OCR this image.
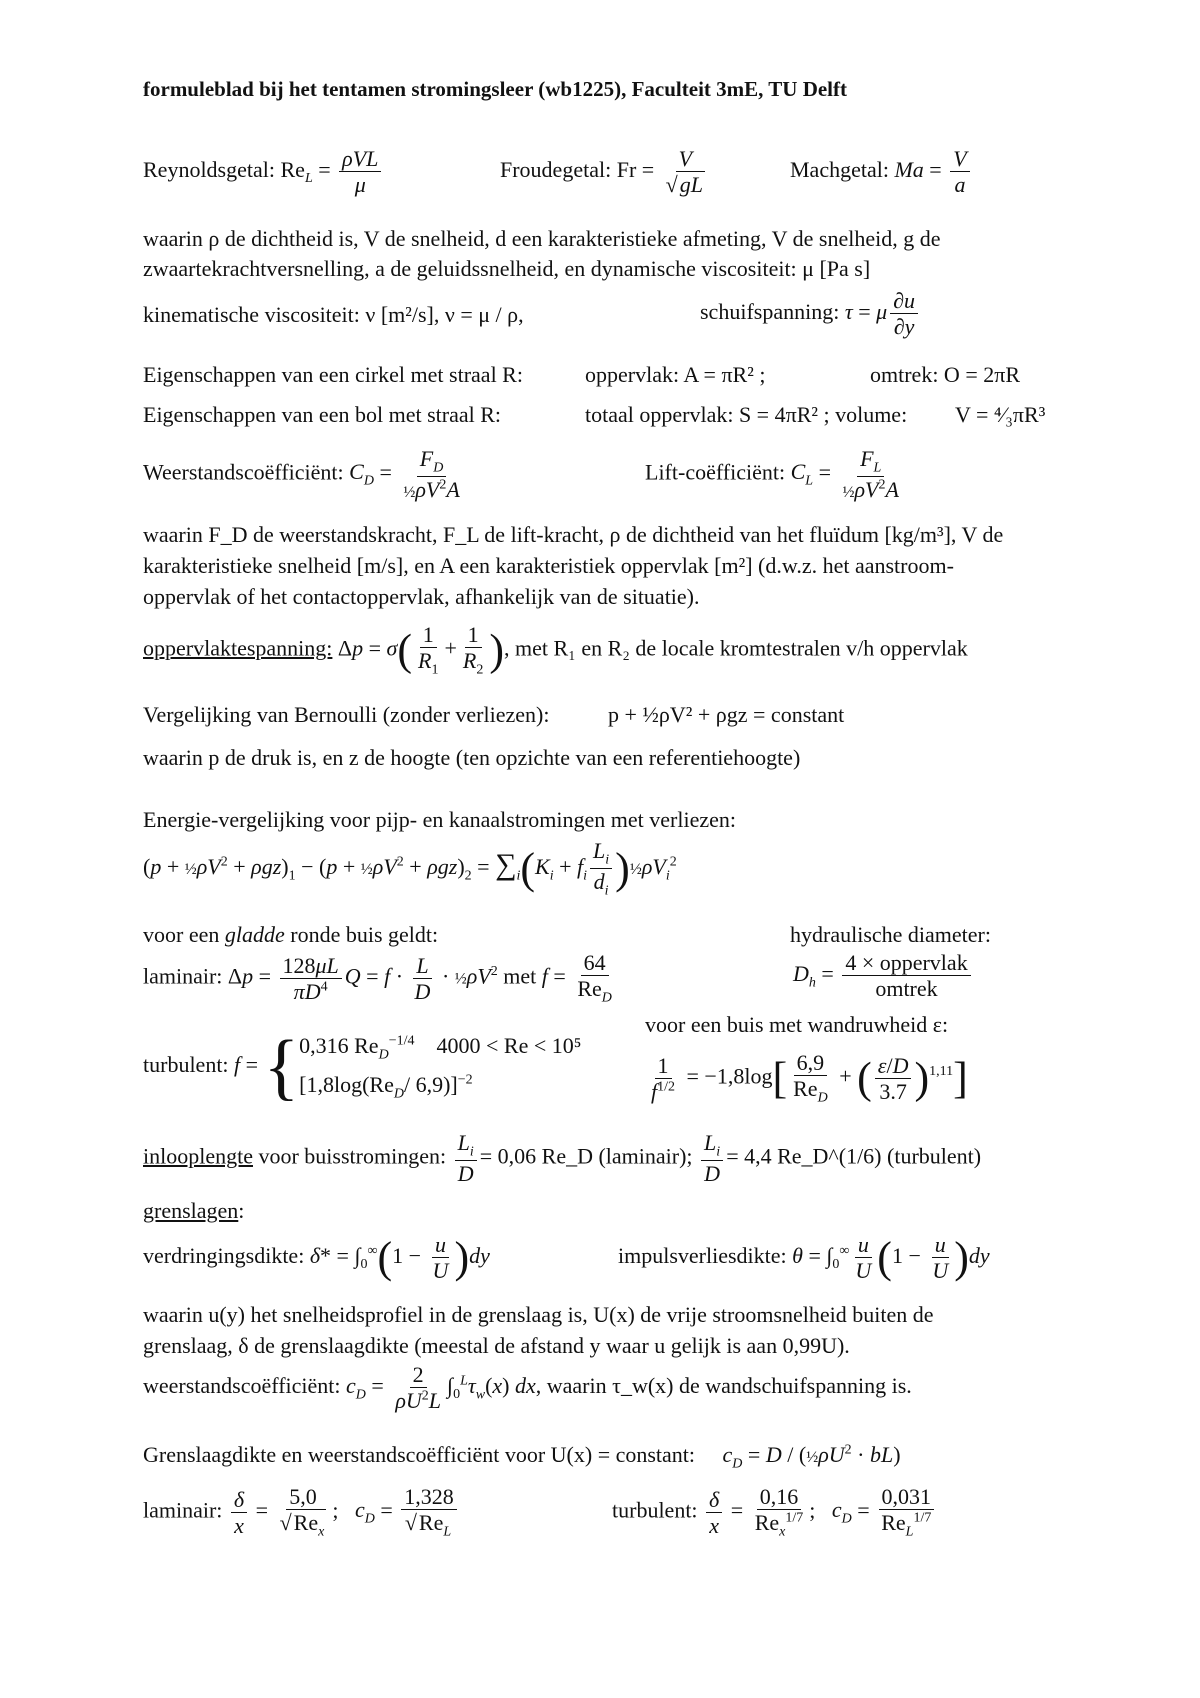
formuleblad bij het tentamen stromingsleer (wb1225), Faculteit 3mE, TU Delft
Reynoldsgetal: $Re_L = \frac{\text{ρVL}}{\mu}$	Froudegetal: $Fr = \frac{V}{√gL}$	Machgetal: $Ma = \frac{V}{a}$
waarin ρ de dichtheid is, V de snelheid, d een karakteristieke afmeting, V de snelheid, g de
zwaartekrachtversnelling, a de geluidssnelheid, en dynamische viscositeit: μ [Pa s]
kinematische viscositeit: ν [m²/s], ν = μ / ρ,	schuifspanning: τ = μ $\frac{\partial u}{\partial y}$
Eigenschappen van een cirkel met straal R:	oppervlak: A = πR² ;	omtrek: O = 2πR
Eigenschappen van een bol met straal R:	totaal oppervlak: S = 4πR² ; volume: V = ⁴⁄₃πR³
Weerstandscoëfficiënt: $C_D = \frac{F_D}{\frac{1}{2}\rho V^2A}$	Lift-coëfficiënt: $C_L = \frac{F_L}{\frac{1}{2}\rho V^2A}$
waarin F_D de weerstandskracht, F_L de lift-kracht, ρ de dichtheid van het fluïdum [kg/m³], V de
karakteristieke snelheid [m/s], en A een karakteristiek oppervlak [m²] (d.w.z. het aanstroom-
oppervlak of het contactoppervlak, afhankelijk van de situatie).
oppervlaktespanning: $\Delta p = \sigma( \frac{1}{R_1} + \frac{1}{R_2}$ ), met R₁ en R₂ de locale kromtestralen v/h oppervlak
Vergelijking van Bernoulli (zonder verliezen):	p + ½ρV² + ρgz = constant
waarin p de druk is, en z de hoogte (ten opzichte van een referentiehoogte)
Energie-vergelijking voor pijp- en kanaalstromingen met verliezen:
$(p + \frac{1}{2}\rho V^2 + \rho gz)_1 - (p$ + $\frac{1}{2}\rho V^2 + \rho gz)_2 = \sum_i(K_i + f_i \frac{L_i}{d_i}$ )$\frac{1}{2}\rho V_i^2$
voor een gladde ronde buis geldt:	hydraulische diameter:
laminair: $\Delta p = \frac{128\mu L}{\pi D^4}$ $Q = f \cdot \frac{L}{D}$ · $\frac{1}{2}\rho V^2$ met $f = \frac{64}{Re_D}$	$D_h = \frac{\text{4 × oppervlak}}{\text{omtrek}}$
voor een buis met wandruwheid ε:
turbulent: f = { 0,316 $Re_D^{-1/4}$ 4000 < Re < 10⁵
[$1,8\log(Re_D/$ 6,9)]$^{-2}$	$\frac{1}{f^{1/2}} = -1,8\log[ \frac{6,9}{Re_D}$ + ( $\frac{\varepsilon/D}{3.7} )^{1,11}$]
inlooplengte voor buisstromingen: $\frac{L_i}{D} = 0,06$ Re_D (laminair); $\frac{L_i}{D} = 4,4$ Re_D^(1/6) (turbulent)
grenslagen:
verdringingsdikte: $\delta* = \int_0^\infty(1 - \frac{u}{U} )dy$	impulsverliesdikte: $\theta = \int_0^\infty \frac{u}{U} (1 - \frac{u}{U} )dy$
waarin u(y) het snelheidsprofiel in de grenslaag is, U(x) de vrije stroomsnelheid buiten de
grenslaag, δ de grenslaagdikte (meestal de afstand y waar u gelijk is aan 0,99U).
weerstandscoëfficiënt: $c_D = \frac{2}{\rho U^2L} \int_0^L\tau_w(x)$ dx, waarin τ_w(x) de wandschuifspanning is.
Grenslaagdikte en weerstandscoëfficiënt voor U(x) = constant: $c_D = D$ / $(\frac{1}{2}\rho U^2 \cdot bL)$
laminair: $\frac{\delta}{x} = \frac{5,0}{√Re_x}$ ;   $c_D = \frac{1,328}{√Re_L}$	turbulent: $\frac{\delta}{x} = \frac{0,16}{Re_x^{1/7}}$ ;   $c_D = \frac{0,031}{Re_L^{1/7}}$
